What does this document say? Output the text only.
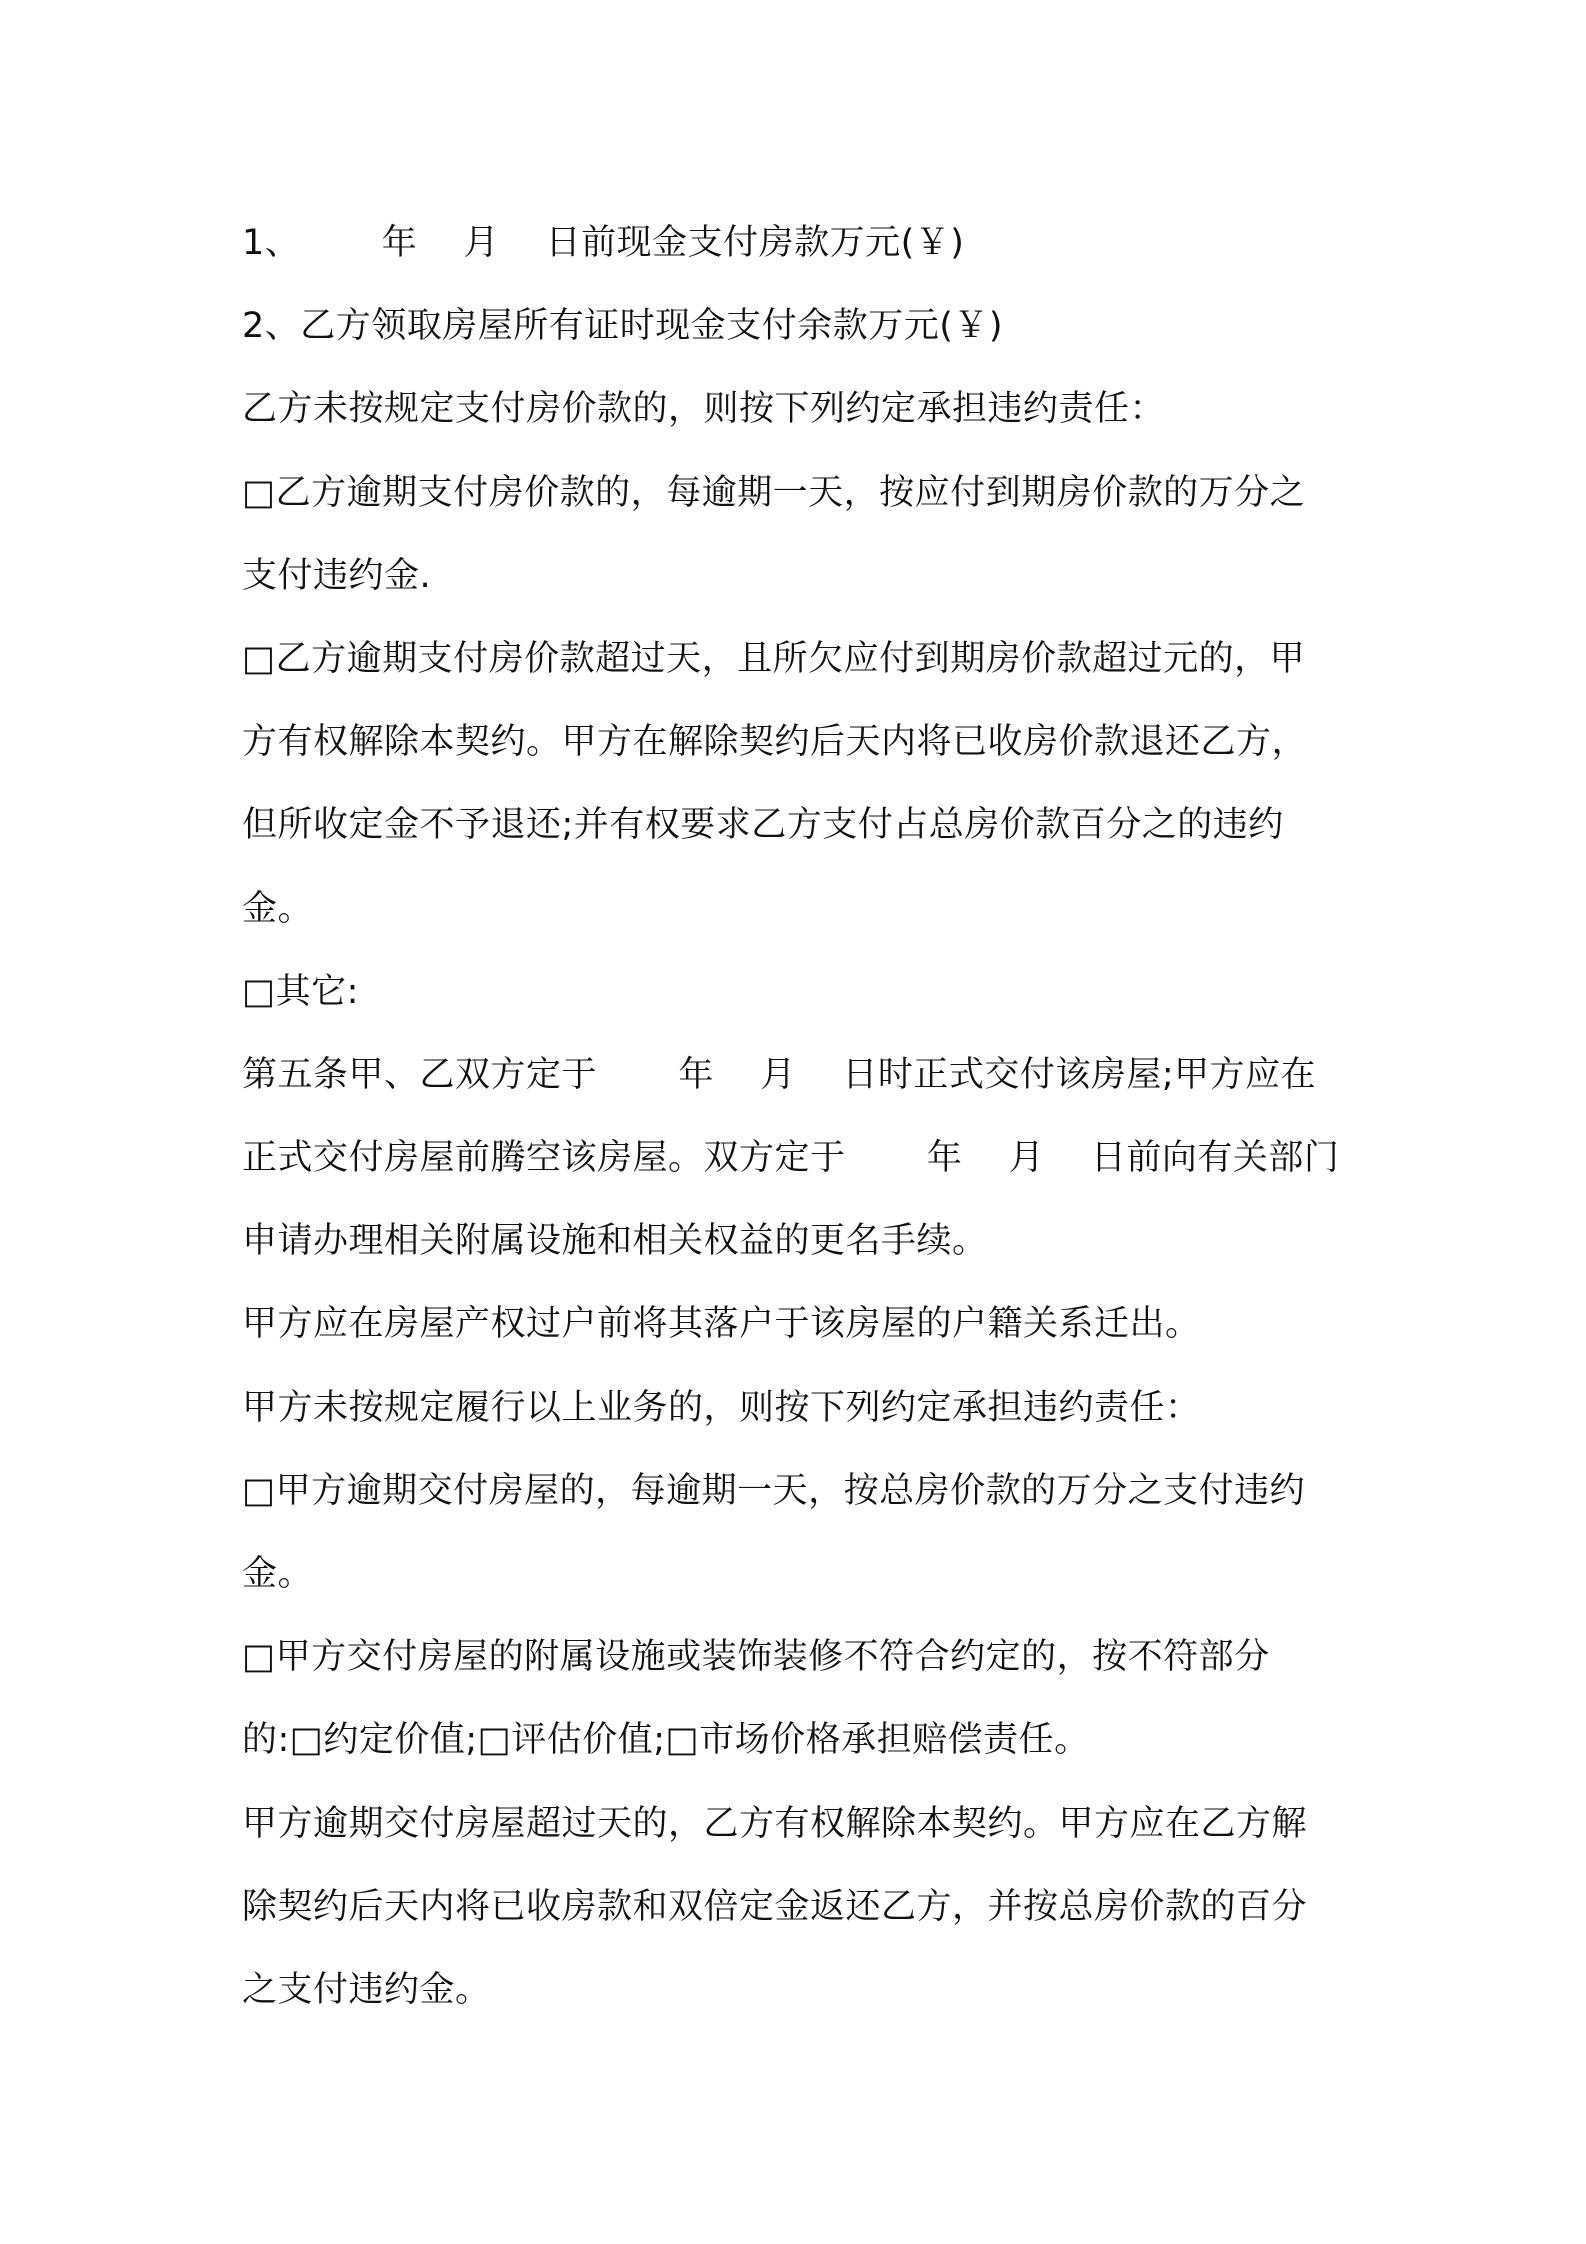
1、       年    月    日前现金支付房款万元(￥)
2、乙方领取房屋所有证时现金支付余款万元(￥)
乙方未按规定支付房价款的，则按下列约定承担违约责任：
□乙方逾期支付房价款的，每逾期一天，按应付到期房价款的万分之
支付违约金.
□乙方逾期支付房价款超过天，且所欠应付到期房价款超过元的，甲
方有权解除本契约。甲方在解除契约后天内将已收房价款退还乙方，
但所收定金不予退还;并有权要求乙方支付占总房价款百分之的违约
金。
□其它:
第五条甲、乙双方定于       年    月    日时正式交付该房屋;甲方应在
正式交付房屋前腾空该房屋。双方定于       年    月    日前向有关部门
申请办理相关附属设施和相关权益的更名手续。
甲方应在房屋产权过户前将其落户于该房屋的户籍关系迁出。
甲方未按规定履行以上业务的，则按下列约定承担违约责任：
□甲方逾期交付房屋的，每逾期一天，按总房价款的万分之支付违约
金。
□甲方交付房屋的附属设施或装饰装修不符合约定的，按不符部分
的:□约定价值;□评估价值;□市场价格承担赔偿责任。
甲方逾期交付房屋超过天的，乙方有权解除本契约。甲方应在乙方解
除契约后天内将已收房款和双倍定金返还乙方，并按总房价款的百分
之支付违约金。
